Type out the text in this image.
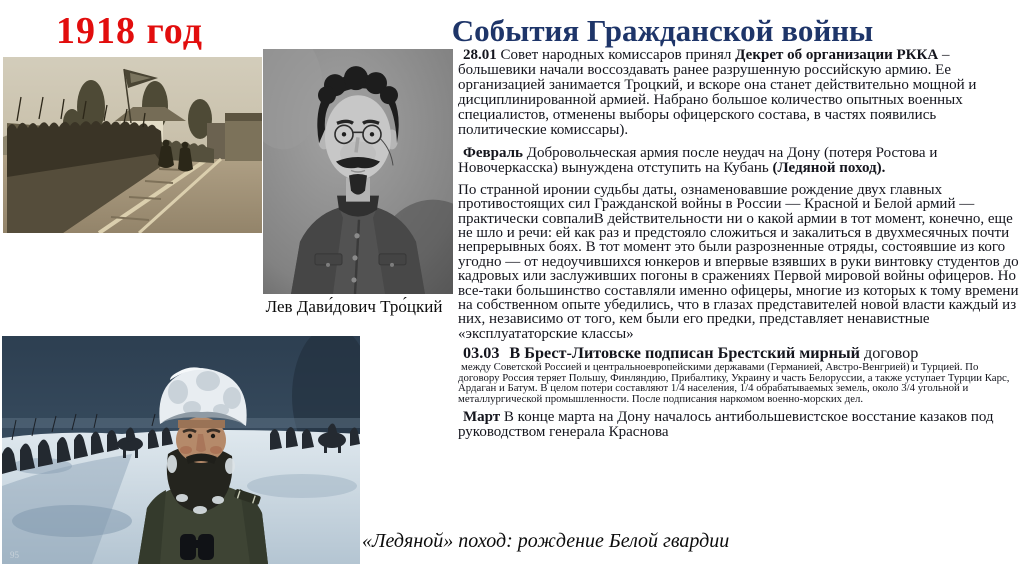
1918 год	События Гражданской войны
Лев Дави́дович Тро́цкий
95
«Ледяной» поход: рождение Белой гвардии

28.01 Совет народных комиссаров принял Декрет об организации РККА – большевики начали воссоздавать ранее разрушенную российскую армию. Ее организацией занимается Троцкий, и вскоре она станет действительно мощной и дисциплинированной армией. Набрано большое количество опытных военных специалистов, отменены выборы офицерского состава, в частях появились политические комиссары).

Февраль Добровольческая армия после неудач на Дону (потеря Ростова и Новочеркасска) вынуждена отступить на Кубань (Ледяной поход).

По странной иронии судьбы даты, ознаменовавшие рождение двух главных противостоящих сил Гражданской войны в России — Красной и Белой армий — практически совпалиВ действительности ни о какой армии в тот момент, конечно, еще не шло и речи: ей как раз и предстояло сложиться и закалиться в двухмесячных почти непрерывных боях. В тот момент это были разрозненные отряды, состоявшие из кого угодно — от недоучившихся юнкеров и впервые взявших в руки винтовку студентов до кадровых или заслуживших погоны в сражениях Первой мировой войны офицеров. Но все-таки большинство составляли именно офицеры, многие из которых к тому времени на собственном опыте убедились, что в глазах представителей новой власти каждый из них, независимо от того, кем были его предки, представляет ненавистные «эксплуататорские классы»

03.03 В Брест-Литовске подписан Брестский мирный договор

между Советской Россией и центральноевропейскими державами (Германией, Австро-Венгрией) и Турцией. По договору Россия теряет Польшу, Финляндию, Прибалтику, Украину и часть Белоруссии, а также уступает Турции Карс, Ардаган и Батум. В целом потери составляют 1/4 населения, 1/4 обрабатываемых земель, около 3/4 угольной и металлургической промышленности. После подписания наркомом военно-морских дел.

Март В конце марта на Дону началось антибольшевистское восстание казаков под руководством генерала Краснова
